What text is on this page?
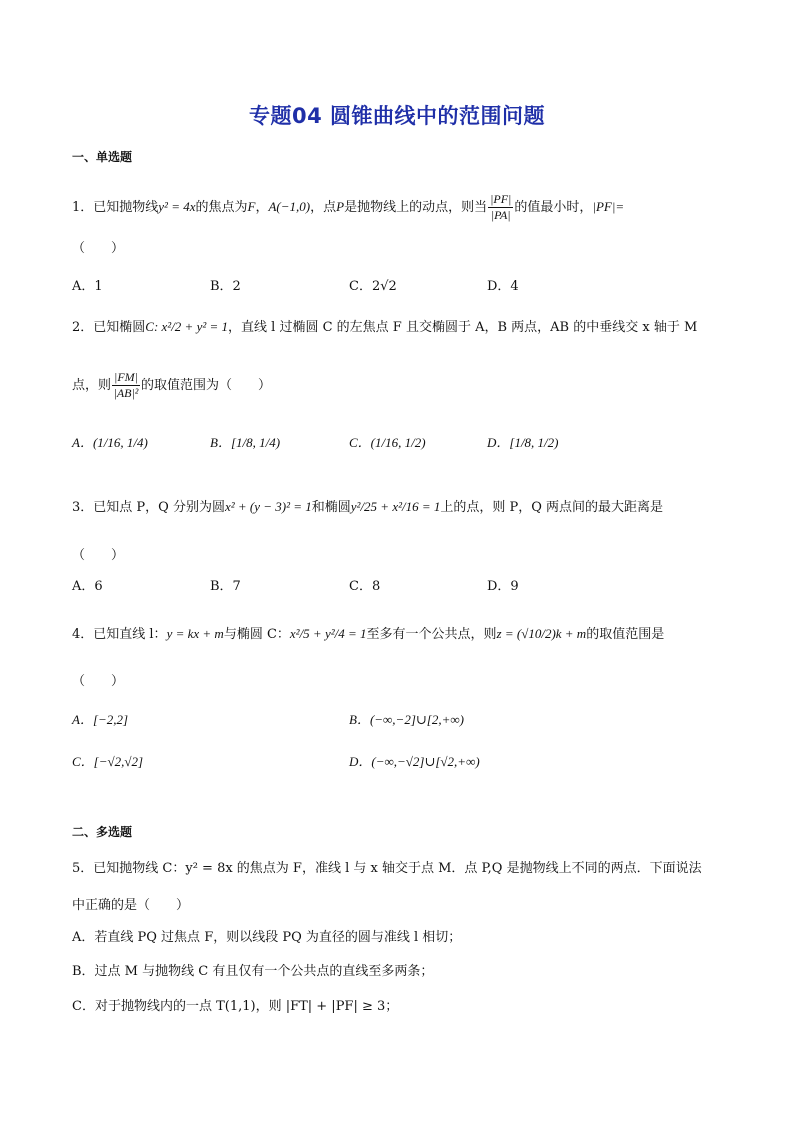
专题04 圆锥曲线中的范围问题
一、单选题
1．已知抛物线y² = 4x的焦点为F，A(−1,0)，点P是抛物线上的动点，则当 $\frac{|PF|}{|PA|}$ 的值最小时，|PF|=
（　　）
A．1	B．2	C．2√2	D．4
2．已知椭圆C: x²/2 + y² = 1，直线 l 过椭圆 C 的左焦点 F 且交椭圆于 A，B 两点，AB 的中垂线交 x 轴于 M
点，则 $\frac{|FM|}{\text{|AB|²}}$ 的取值范围为（　　）
A．(1/16, 1/4)	B．[1/8, 1/4)	C．(1/16, 1/2)	D．[1/8, 1/2)
3．已知点 P，Q 分别为圆x² + (y − 3)² = 1和椭圆y²/25 + x²/16 = 1上的点，则 P，Q 两点间的最大距离是
（　　）
A．6	B．7	C．8	D．9
4．已知直线 l：y = kx + m与椭圆 C：x²/5 + y²/4 = 1至多有一个公共点，则z = (√10/2)k + m的取值范围是
（　　）
A．[−2,2]	B．(−∞,−2]∪[2,+∞)
C．[−√2,√2]	D．(−∞,−√2]∪[√2,+∞)
二、多选题
5．已知抛物线 C：y² = 8x 的焦点为 F，准线 l 与 x 轴交于点 M．点 P,Q 是抛物线上不同的两点．下面说法
中正确的是（　　）
A．若直线 PQ 过焦点 F，则以线段 PQ 为直径的圆与准线 l 相切；
B．过点 M 与抛物线 C 有且仅有一个公共点的直线至多两条；
C．对于抛物线内的一点 T(1,1)，则 |FT| + |PF| ≥ 3；
